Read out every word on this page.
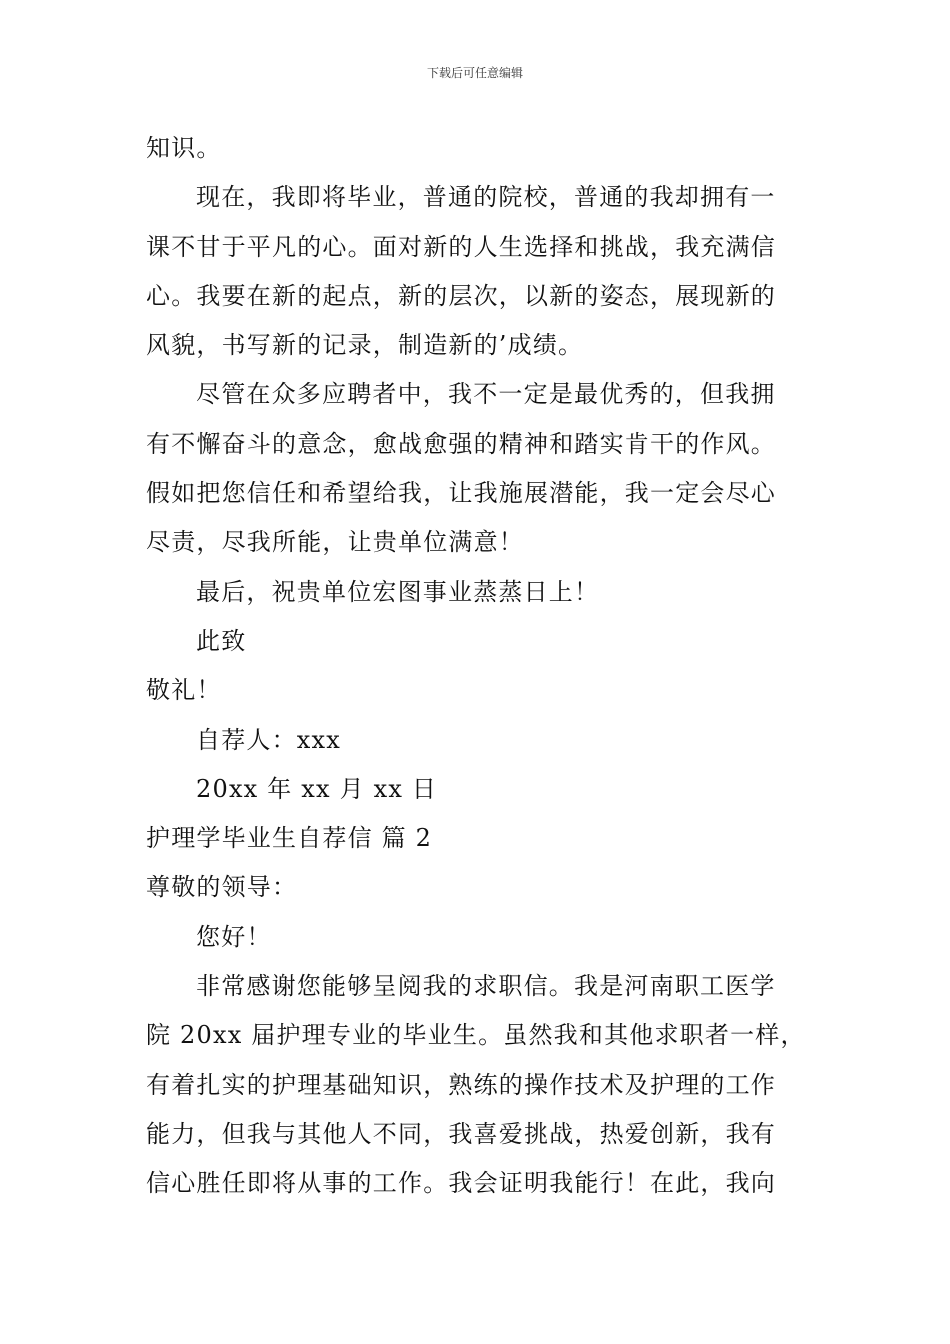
下载后可任意编辑
知识。
现在，我即将毕业，普通的院校，普通的我却拥有一
课不甘于平凡的心。面对新的人生选择和挑战，我充满信
心。我要在新的起点，新的层次，以新的姿态，展现新的
风貌，书写新的记录，制造新的’成绩。
尽管在众多应聘者中，我不一定是最优秀的，但我拥
有不懈奋斗的意念，愈战愈强的精神和踏实肯干的作风。
假如把您信任和希望给我，让我施展潜能，我一定会尽心
尽责，尽我所能，让贵单位满意！
最后，祝贵单位宏图事业蒸蒸日上！
此致
敬礼！
自荐人：xxx
20xx 年 xx 月 xx 日
护理学毕业生自荐信 篇 2
尊敬的领导：
您好！
非常感谢您能够呈阅我的求职信。我是河南职工医学
院 20xx 届护理专业的毕业生。虽然我和其他求职者一样，
有着扎实的护理基础知识，熟练的操作技术及护理的工作
能力，但我与其他人不同，我喜爱挑战，热爱创新，我有
信心胜任即将从事的工作。我会证明我能行！在此，我向
